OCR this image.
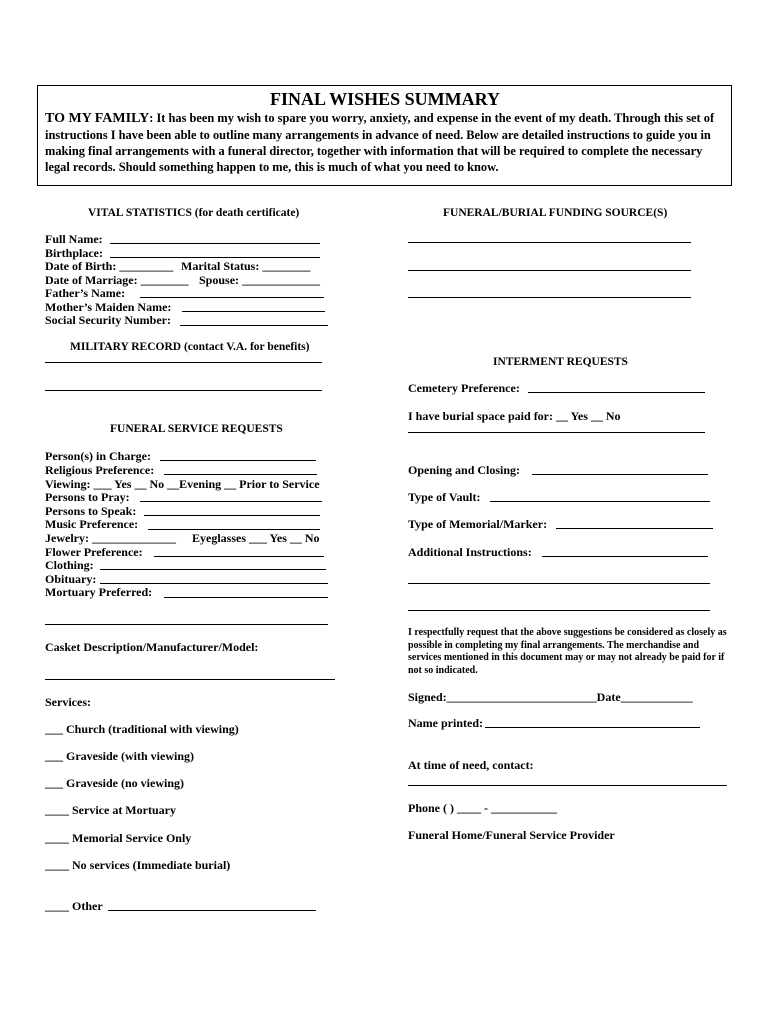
FINAL WISHES SUMMARY
TO MY FAMILY: It has been my wish to spare you worry, anxiety, and expense in the event of my death. Through this set of instructions I have been able to outline many arrangements in advance of need. Below are detailed instructions to guide you in making final arrangements with a funeral director, together with information that will be required to complete the necessary legal records. Should something happen to me, this is much of what you need to know.
VITAL STATISTICS (for death certificate)
Full Name:
Birthplace:
Date of Birth: _________ Marital Status: ________
Date of Marriage: ________ Spouse: _____________
Father’s Name:
Mother’s Maiden Name:
Social Security Number:
MILITARY RECORD (contact V.A. for benefits)
FUNERAL SERVICE REQUESTS
Person(s) in Charge:
Religious Preference:
Viewing: ___ Yes __ No __Evening __ Prior to Service
Persons to Pray:
Persons to Speak:
Music Preference:
Jewelry: ______________ Eyeglasses ___ Yes __ No
Flower Preference:
Clothing:
Obituary:
Mortuary Preferred:
Casket Description/Manufacturer/Model:
Services:
___ Church (traditional with viewing)
___ Graveside (with viewing)
___ Graveside (no viewing)
____ Service at Mortuary
____ Memorial Service Only
____ No services (Immediate burial)
____ Other
FUNERAL/BURIAL FUNDING SOURCE(S)
INTERMENT REQUESTS
Cemetery Preference:
I have burial space paid for: __ Yes __ No
Opening and Closing:
Type of Vault:
Type of Memorial/Marker:
Additional Instructions:
I respectfully request that the above suggestions be considered as closely as possible in completing my final arrangements. The merchandise and services mentioned in this document may or may not already be paid for if not so indicated.
Signed:_________________________Date____________
Name printed:
At time of need, contact:
Phone ( ) ____ - ___________
Funeral Home/Funeral Service Provider
